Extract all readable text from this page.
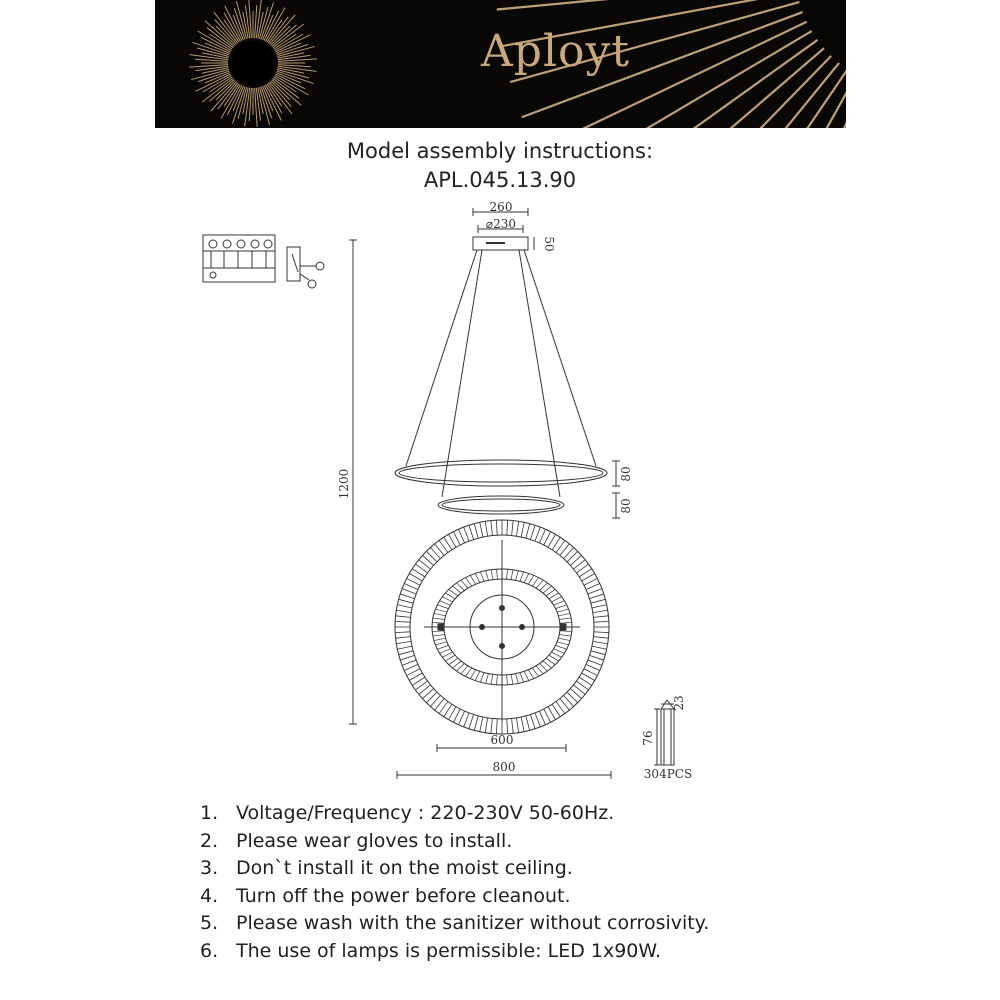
Aployt
Model assembly instructions:
APL.045.13.90
260
⌀230
50
1200	80
80
600
800
23
76
304PCS
1. Voltage/Frequency : 220-230V 50-60Hz.
2. Please wear gloves to install.
3. Don`t install it on the moist ceiling.
4. Turn off the power before cleanout.
5. Please wash with the sanitizer without corrosivity.
6. The use of lamps is permissible: LED 1x90W.
